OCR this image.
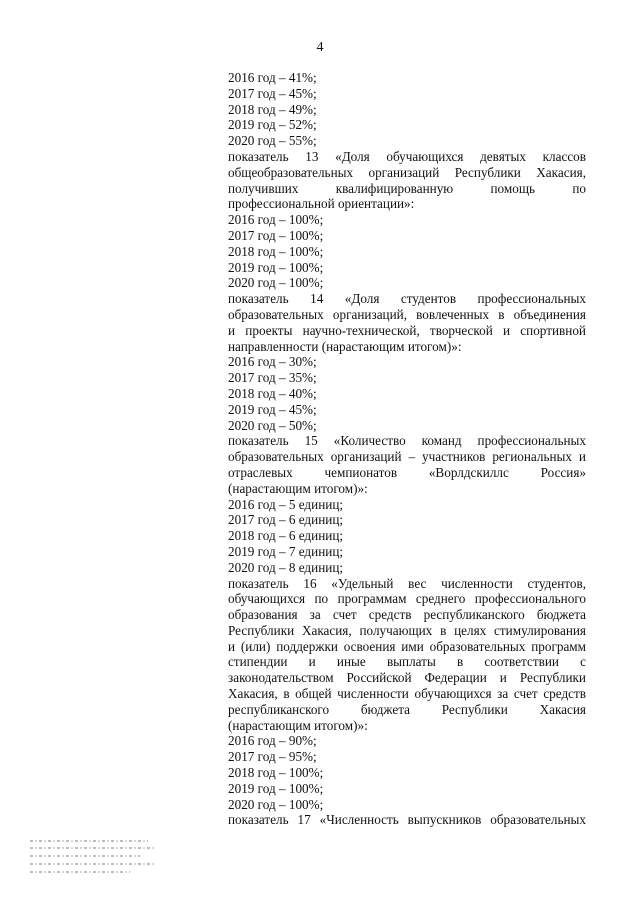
4
2016 год – 41%;
2017 год – 45%;
2018 год – 49%;
2019 год – 52%;
2020 год – 55%;
показатель 13 «Доля обучающихся девятых классов
общеобразовательных организаций Республики Хакасия,
получивших квалифицированную помощь по
профессиональной ориентации»:
2016 год – 100%;
2017 год – 100%;
2018 год – 100%;
2019 год – 100%;
2020 год – 100%;
показатель 14 «Доля студентов профессиональных
образовательных организаций, вовлеченных в объединения
и проекты научно-технической, творческой и спортивной
направленности (нарастающим итогом)»:
2016 год – 30%;
2017 год – 35%;
2018 год – 40%;
2019 год – 45%;
2020 год – 50%;
показатель 15 «Количество команд профессиональных
образовательных организаций – участников региональных и
отраслевых чемпионатов «Ворлдскиллс Россия»
(нарастающим итогом)»:
2016 год – 5 единиц;
2017 год – 6 единиц;
2018 год – 6 единиц;
2019 год – 7 единиц;
2020 год – 8 единиц;
показатель 16 «Удельный вес численности студентов,
обучающихся по программам среднего профессионального
образования за счет средств республиканского бюджета
Республики Хакасия, получающих в целях стимулирования
и (или) поддержки освоения ими образовательных программ
стипендии и иные выплаты в соответствии с
законодательством Российской Федерации и Республики
Хакасия, в общей численности обучающихся за счет средств
республиканского бюджета Республики Хакасия
(нарастающим итогом)»:
2016 год – 90%;
2017 год – 95%;
2018 год – 100%;
2019 год – 100%;
2020 год – 100%;
показатель 17 «Численность выпускников образовательных
